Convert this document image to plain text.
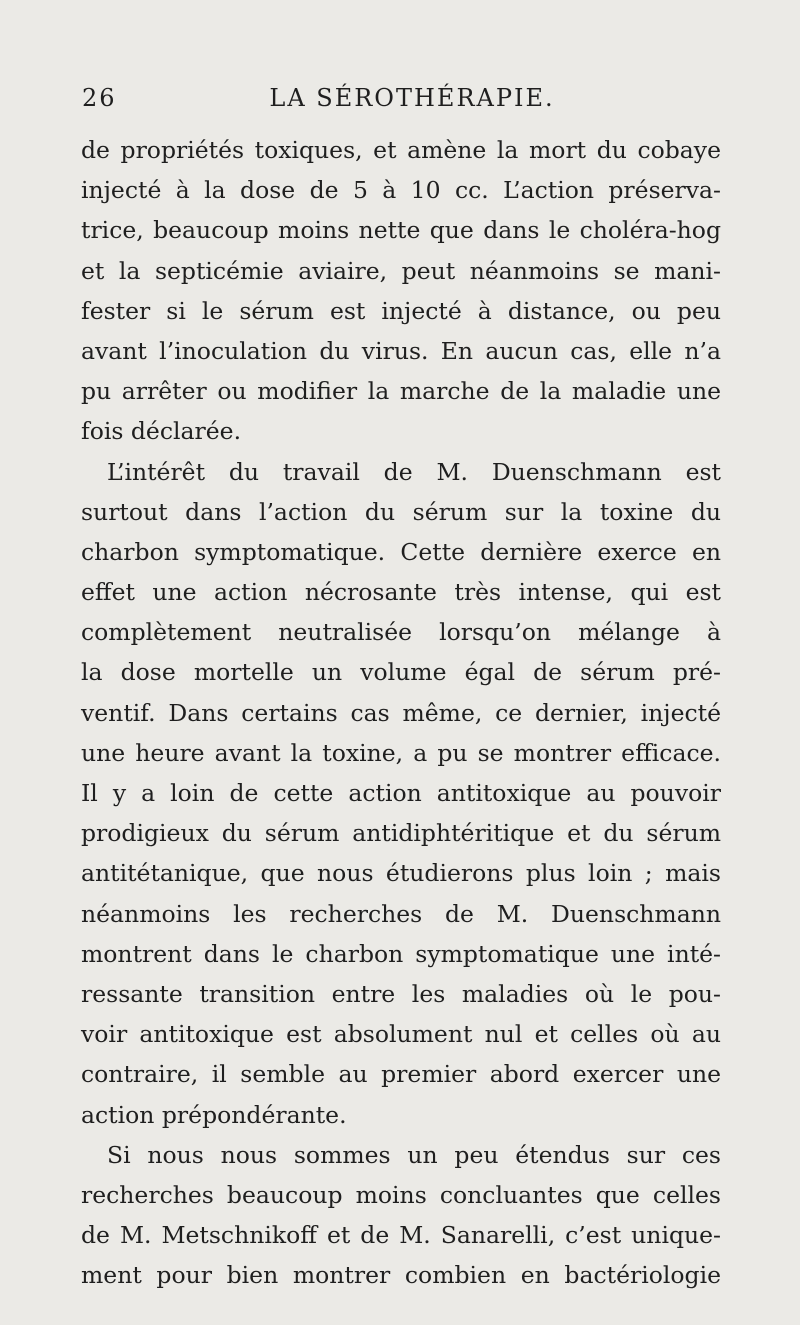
26	LA SÉROTHÉRAPIE.
de propriétés toxiques, et amène la mort du cobaye
injecté à la dose de 5 à 10 cc. L’action préserva-
trice, beaucoup moins nette que dans le choléra-hog
et la septicémie aviaire, peut néanmoins se mani-
fester si le sérum est injecté à distance, ou peu
avant l’inoculation du virus. En aucun cas, elle n’a
pu arrêter ou modifier la marche de la maladie une
fois déclarée.
L’intérêt du travail de M. Duenschmann est
surtout dans l’action du sérum sur la toxine du
charbon symptomatique. Cette dernière exerce en
effet une action nécrosante très intense, qui est
complètement neutralisée lorsqu’on mélange à
la dose mortelle un volume égal de sérum pré-
ventif. Dans certains cas même, ce dernier, injecté
une heure avant la toxine, a pu se montrer efficace.
Il y a loin de cette action antitoxique au pouvoir
prodigieux du sérum antidiphtéritique et du sérum
antitétanique, que nous étudierons plus loin ; mais
néanmoins les recherches de M. Duenschmann
montrent dans le charbon symptomatique une inté-
ressante transition entre les maladies où le pou-
voir antitoxique est absolument nul et celles où au
contraire, il semble au premier abord exercer une
action prépondérante.
Si nous nous sommes un peu étendus sur ces
recherches beaucoup moins concluantes que celles
de M. Metschnikoff et de M. Sanarelli, c’est unique-
ment pour bien montrer combien en bactériologie
